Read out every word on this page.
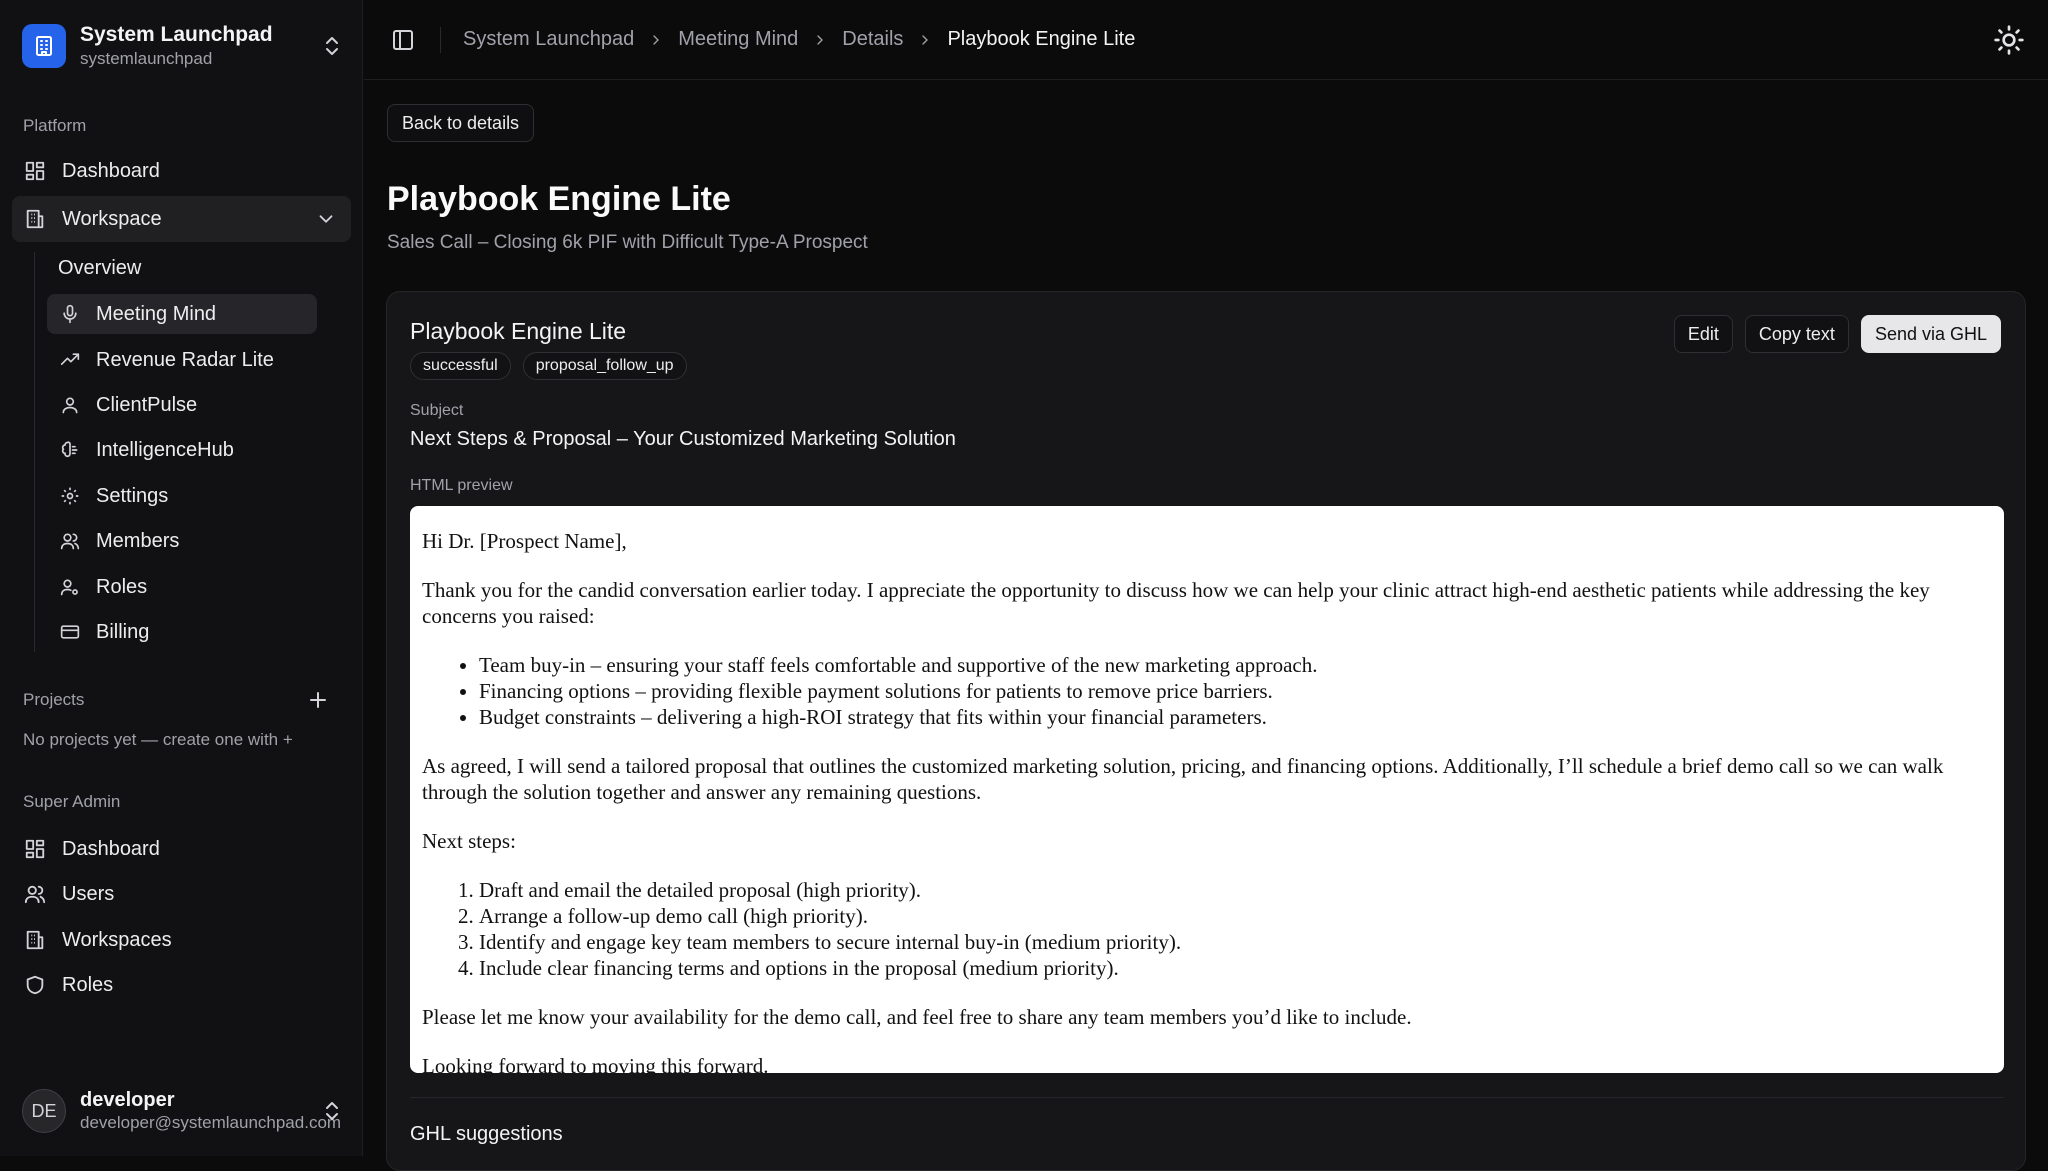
System Launchpad
systemlaunchpad
Platform
Dashboard
Workspace
Overview
Meeting Mind
Revenue Radar Lite
ClientPulse
IntelligenceHub
Settings
Members
Roles
Billing
Projects
No projects yet — create one with +
Super Admin
Dashboard
Users
Workspaces
Roles
DE	developer
developer@systemlaunchpad.com
System Launchpad Meeting Mind Details Playbook Engine Lite
Back to details
Playbook Engine Lite
Sales Call – Closing 6k PIF with Difficult Type-A Prospect
Playbook Engine Lite
successful	proposal_follow_up
Edit	Copy text	Send via GHL
Subject
Next Steps & Proposal – Your Customized Marketing Solution
HTML preview

Hi Dr. [Prospect Name],

Thank you for the candid conversation earlier today. I appreciate the opportunity to discuss how we can help your clinic attract high-end aesthetic patients while addressing the key concerns you raised:

• Team buy-in – ensuring your staff feels comfortable and supportive of the new marketing approach.
• Financing options – providing flexible payment solutions for patients to remove price barriers.
• Budget constraints – delivering a high-ROI strategy that fits within your financial parameters.

As agreed, I will send a tailored proposal that outlines the customized marketing solution, pricing, and financing options. Additionally, I’ll schedule a brief demo call so we can walk through the solution together and answer any remaining questions.

Next steps:

1. Draft and email the detailed proposal (high priority).
2. Arrange a follow-up demo call (high priority).
3. Identify and engage key team members to secure internal buy-in (medium priority).
4. Include clear financing terms and options in the proposal (medium priority).

Please let me know your availability for the demo call, and feel free to share any team members you’d like to include.

Looking forward to moving this forward.

GHL suggestions
